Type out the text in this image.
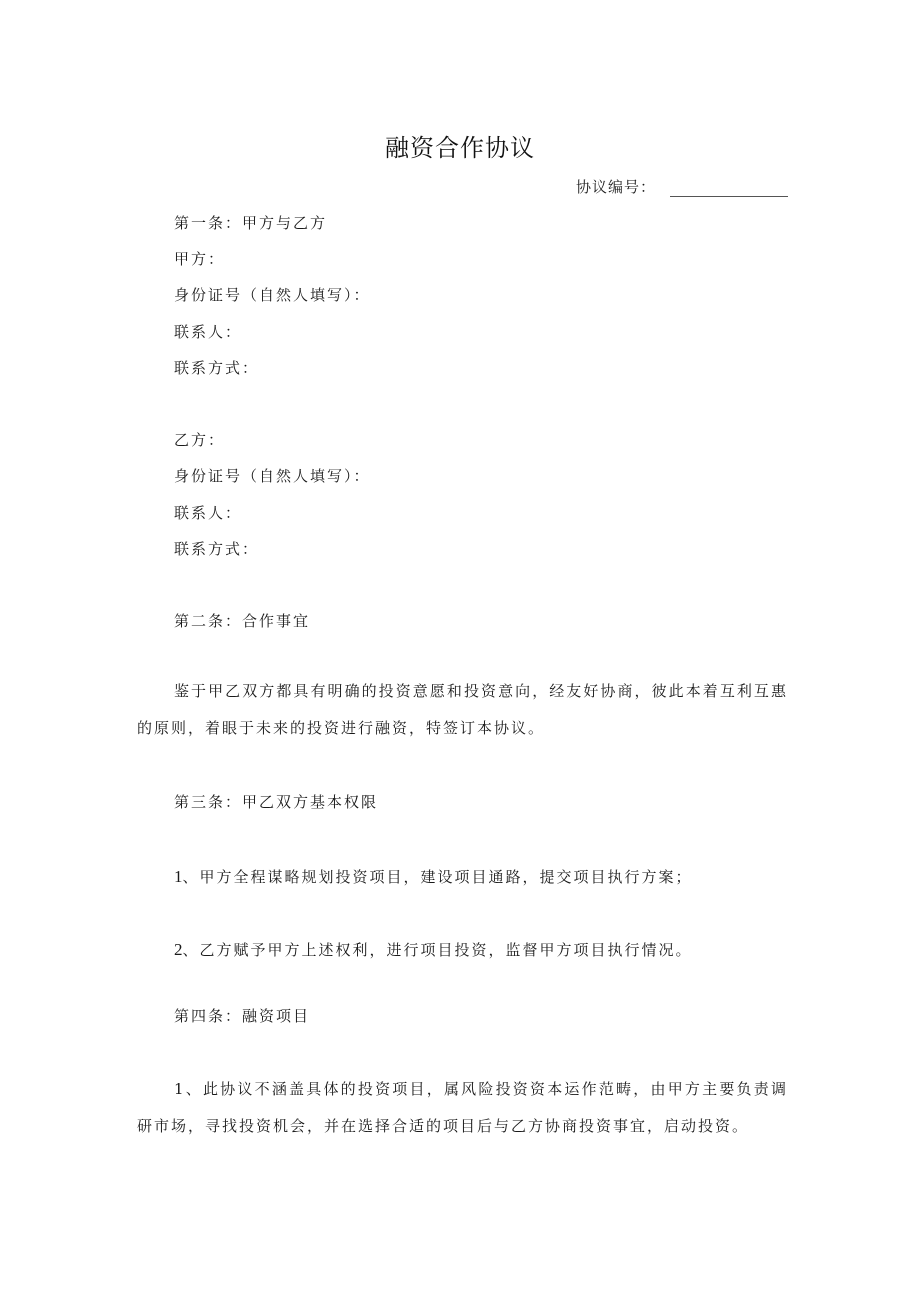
融资合作协议
协议编号：
第一条：甲方与乙方
甲方：
身份证号（自然人填写）：
联系人：
联系方式：
乙方：
身份证号（自然人填写）：
联系人：
联系方式：
第二条：合作事宜
鉴于甲乙双方都具有明确的投资意愿和投资意向，经友好协商，彼此本着互利互惠的原则，着眼于未来的投资进行融资，特签订本协议。
第三条：甲乙双方基本权限
1、甲方全程谋略规划投资项目，建设项目通路，提交项目执行方案；
2、乙方赋予甲方上述权利，进行项目投资，监督甲方项目执行情况。
第四条：融资项目
1、此协议不涵盖具体的投资项目，属风险投资资本运作范畴，由甲方主要负责调研市场，寻找投资机会，并在选择合适的项目后与乙方协商投资事宜，启动投资。
